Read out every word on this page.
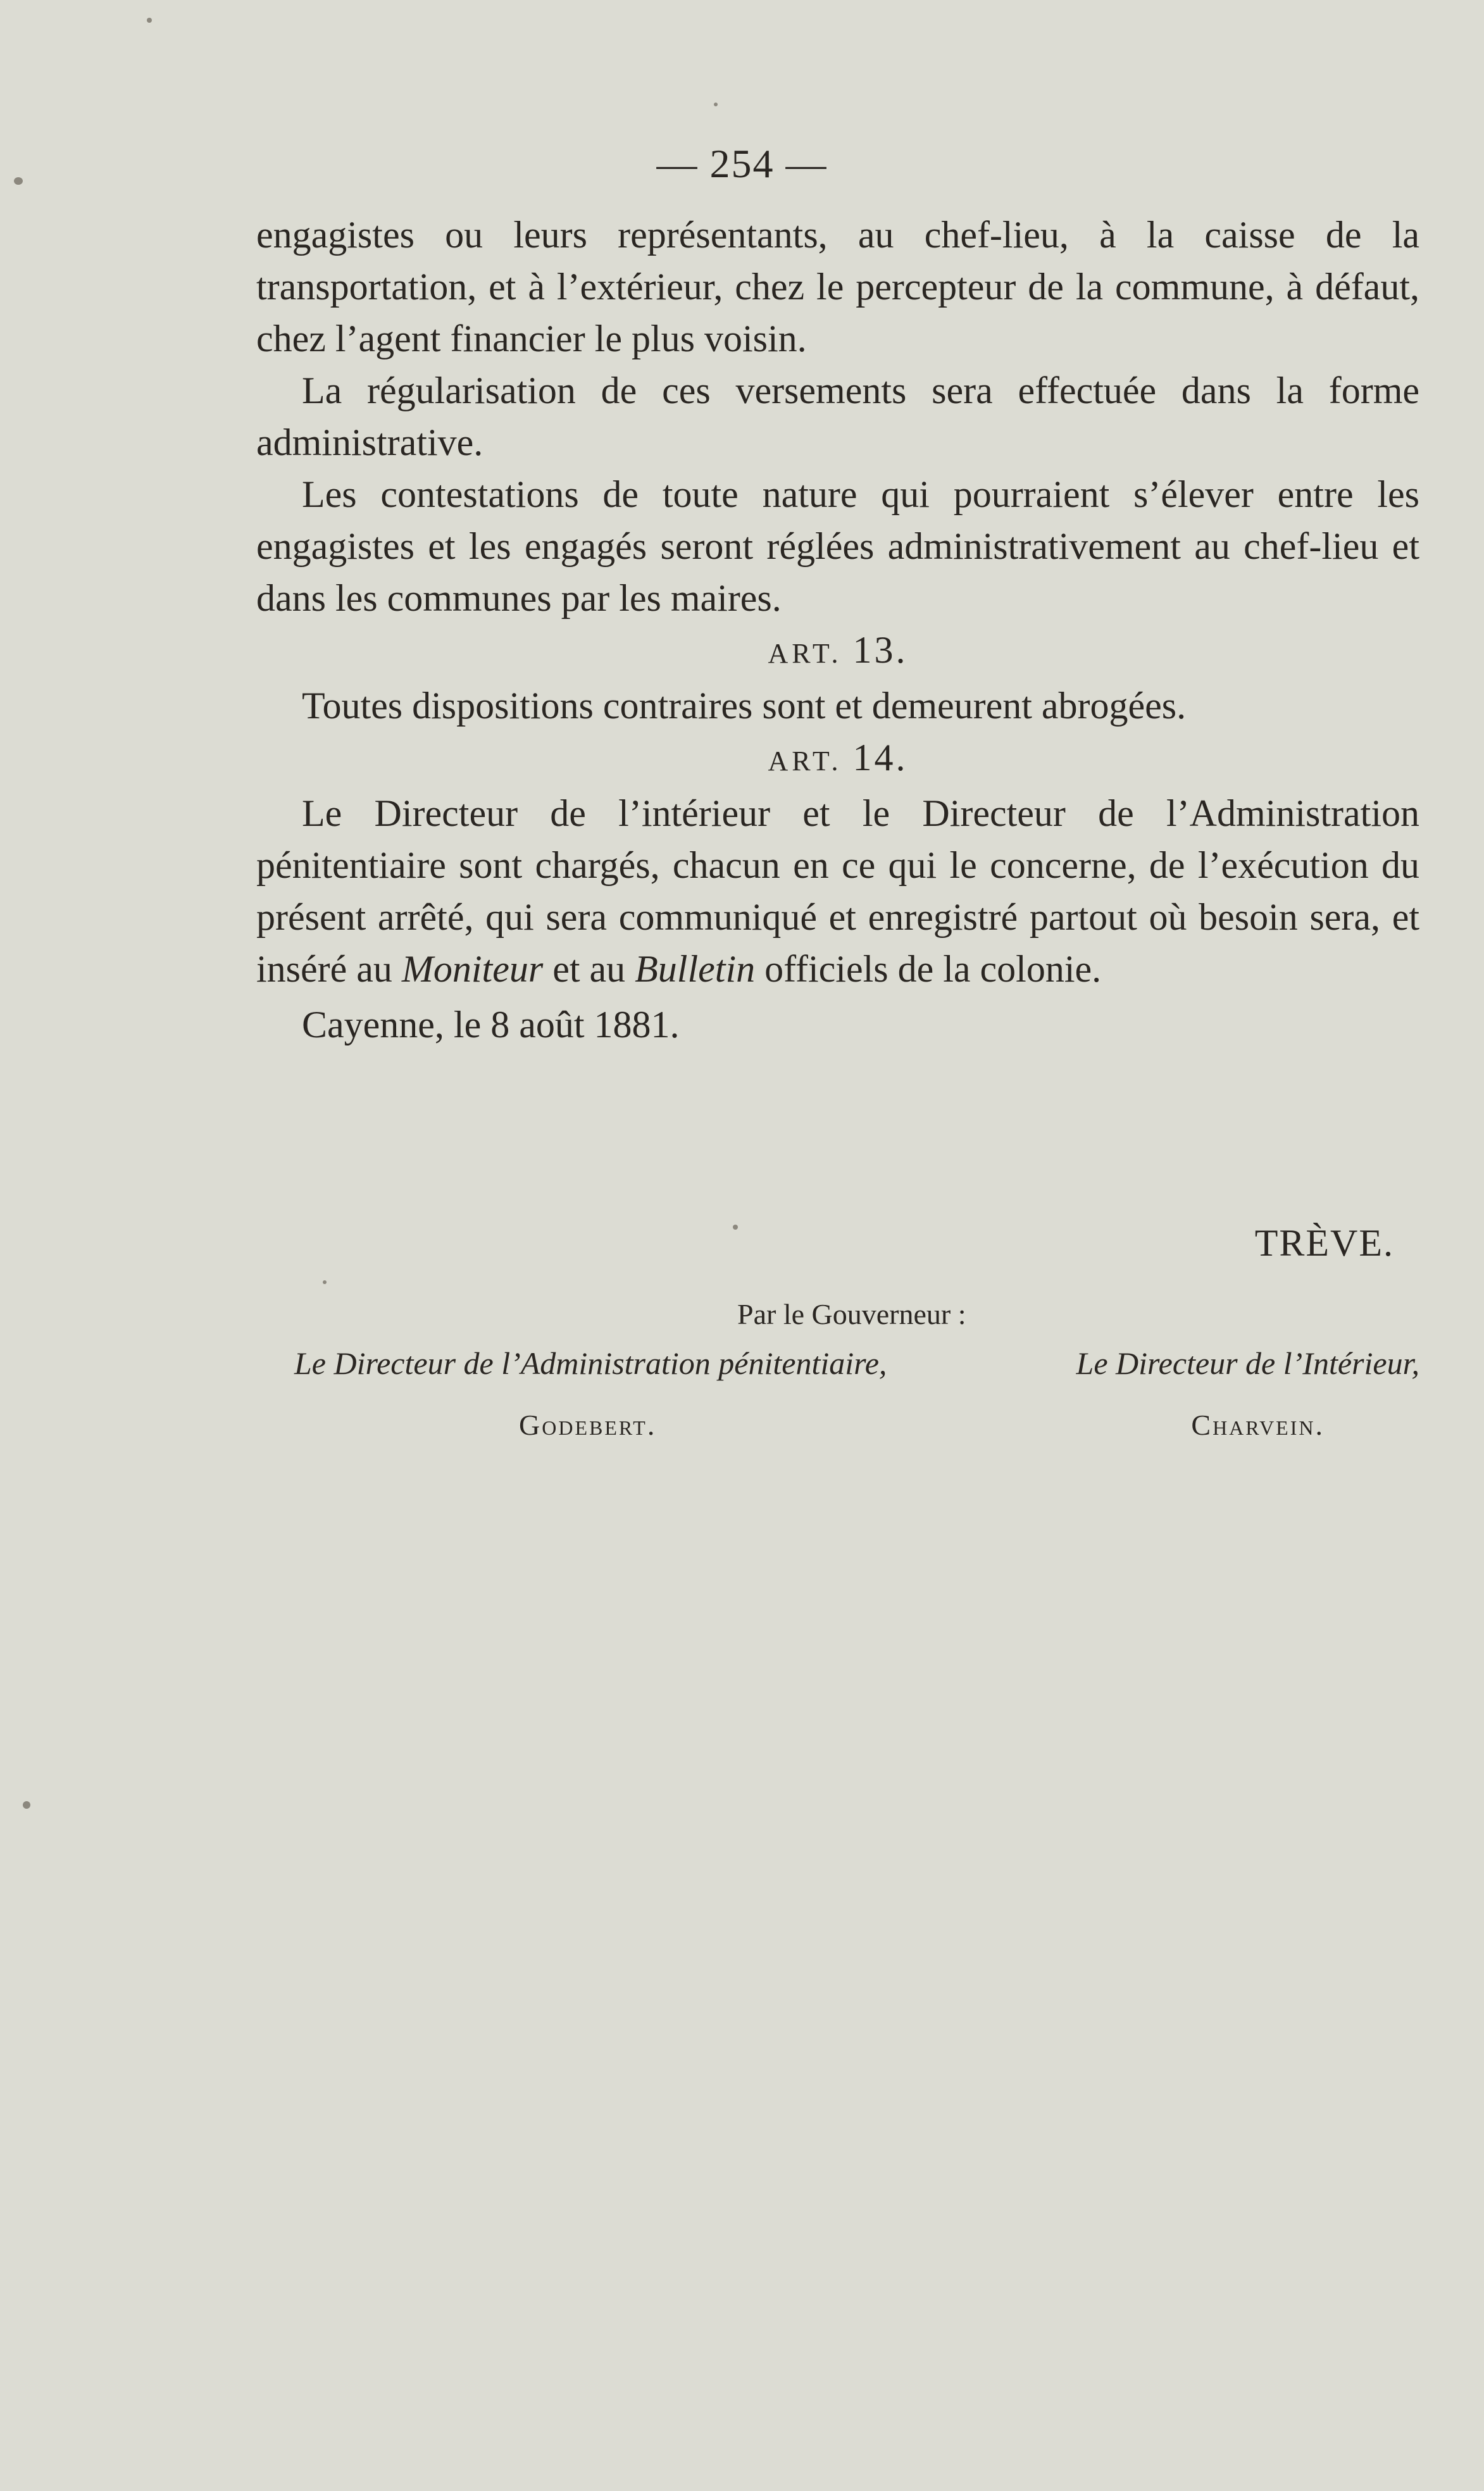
— 254 —

engagistes ou leurs représentants, au chef-lieu, à la caisse de la transportation, et à l’extérieur, chez le percepteur de la commune, à défaut, chez l’agent financier le plus voisin.

La régularisation de ces versements sera effectuée dans la forme administrative.

Les contestations de toute nature qui pourraient s’élever entre les engagistes et les engagés seront réglées administrativement au chef-lieu et dans les communes par les maires.

ART. 13.

Toutes dispositions contraires sont et demeurent abrogées.

ART. 14.

Le Directeur de l’intérieur et le Directeur de l’Administration pénitentiaire sont chargés, chacun en ce qui le concerne, de l’exécution du présent arrêté, qui sera communiqué et enregistré partout où besoin sera, et inséré au Moniteur et au Bulletin officiels de la colonie.

Cayenne, le 8 août 1881.

TRÈVE.
Par le Gouverneur :
Le Directeur de l’Administration pénitentiaire,	Le Directeur de l’Intérieur,
Godebert.	Charvein.
